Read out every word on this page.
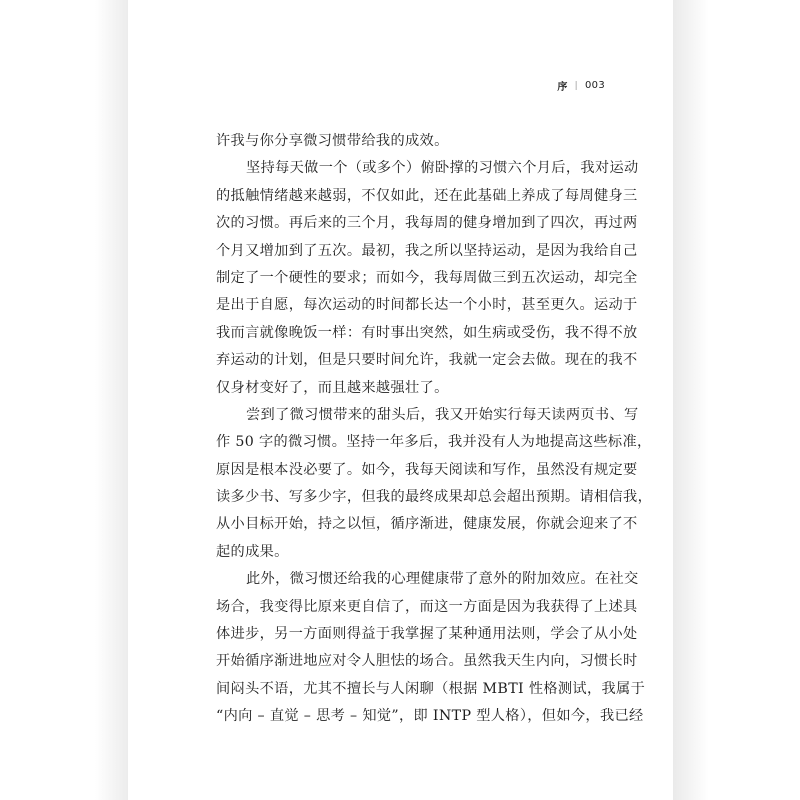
序 | 003
许我与你分享微习惯带给我的成效。
坚持每天做一个（或多个）俯卧撑的习惯六个月后，我对运动
的抵触情绪越来越弱，不仅如此，还在此基础上养成了每周健身三
次的习惯。再后来的三个月，我每周的健身增加到了四次，再过两
个月又增加到了五次。最初，我之所以坚持运动，是因为我给自己
制定了一个硬性的要求；而如今，我每周做三到五次运动，却完全
是出于自愿，每次运动的时间都长达一个小时，甚至更久。运动于
我而言就像晚饭一样：有时事出突然，如生病或受伤，我不得不放
弃运动的计划，但是只要时间允许，我就一定会去做。现在的我不
仅身材变好了，而且越来越强壮了。
尝到了微习惯带来的甜头后，我又开始实行每天读两页书、写
作 50 字的微习惯。坚持一年多后，我并没有人为地提高这些标准，
原因是根本没必要了。如今，我每天阅读和写作，虽然没有规定要
读多少书、写多少字，但我的最终成果却总会超出预期。请相信我，
从小目标开始，持之以恒，循序渐进，健康发展，你就会迎来了不
起的成果。
此外，微习惯还给我的心理健康带了意外的附加效应。在社交
场合，我变得比原来更自信了，而这一方面是因为我获得了上述具
体进步，另一方面则得益于我掌握了某种通用法则，学会了从小处
开始循序渐进地应对令人胆怯的场合。虽然我天生内向，习惯长时
间闷头不语，尤其不擅长与人闲聊（根据 MBTI 性格测试，我属于
“内向 – 直觉 – 思考 – 知觉”，即 INTP 型人格），但如今，我已经
